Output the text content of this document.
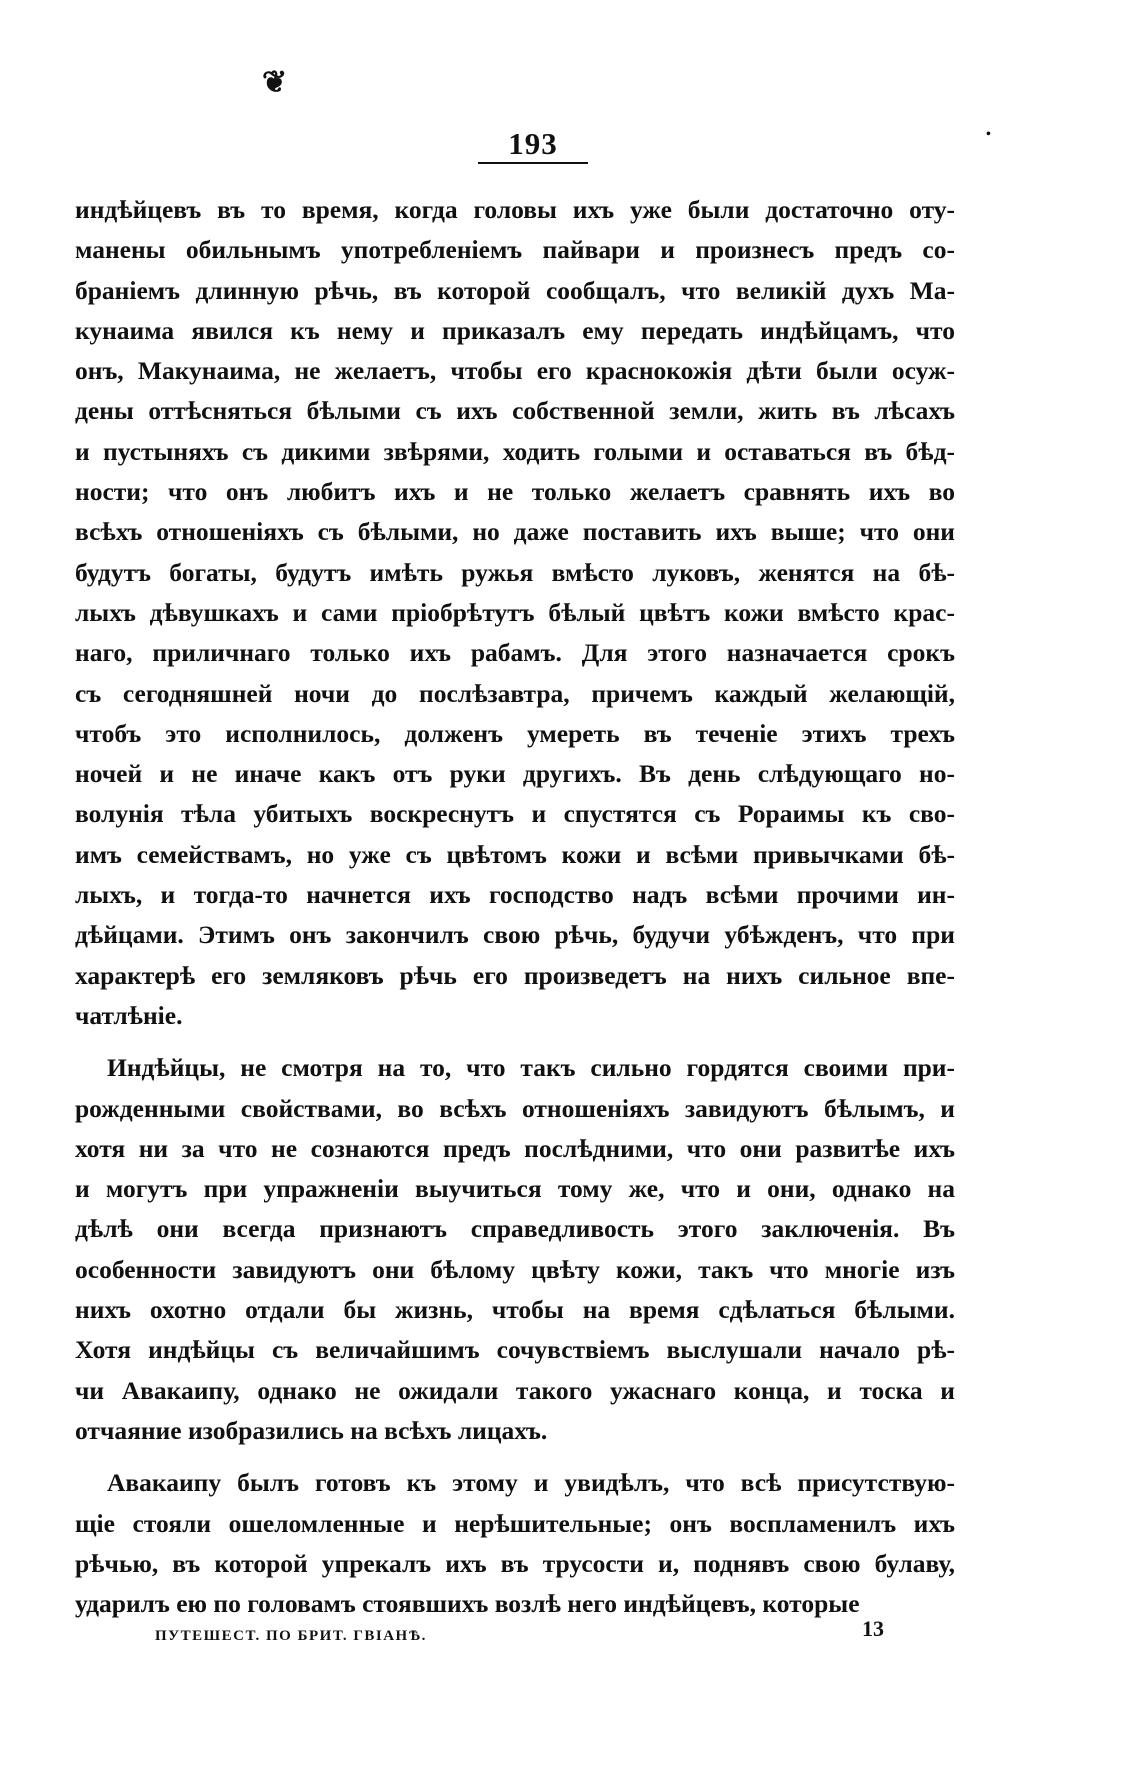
❦
•
193
индѣйцевъ въ то время, когда головы ихъ уже были достаточно оту-
манены обильнымъ употребленіемъ пайвари и произнесъ предъ со-
браніемъ длинную рѣчь, въ которой сообщалъ, что великій духъ Ма-
кунаима явился къ нему и приказалъ ему передать индѣйцамъ, что
онъ, Макунаима, не желаетъ, чтобы его краснокожія дѣти были осуж-
дены оттѣсняться бѣлыми съ ихъ собственной земли, жить въ лѣсахъ
и пустыняхъ съ дикими звѣрями, ходить голыми и оставаться въ бѣд-
ности; что онъ любитъ ихъ и не только желаетъ сравнять ихъ во
всѣхъ отношеніяхъ съ бѣлыми, но даже поставить ихъ выше; что они
будутъ богаты, будутъ имѣть ружья вмѣсто луковъ, женятся на бѣ-
лыхъ дѣвушкахъ и сами пріобрѣтутъ бѣлый цвѣтъ кожи вмѣсто крас-
наго, приличнаго только ихъ рабамъ. Для этого назначается срокъ
съ сегодняшней ночи до послѣзавтра, причемъ каждый желающій,
чтобъ это исполнилось, долженъ умереть въ теченіе этихъ трехъ
ночей и не иначе какъ отъ руки другихъ. Въ день слѣдующаго но-
волунія тѣла убитыхъ воскреснутъ и спустятся съ Рораимы къ сво-
имъ семействамъ, но уже съ цвѣтомъ кожи и всѣми привычками бѣ-
лыхъ, и тогда-то начнется ихъ господство надъ всѣми прочими ин-
дѣйцами. Этимъ онъ закончилъ свою рѣчь, будучи убѣжденъ, что при
характерѣ его земляковъ рѣчь его произведетъ на нихъ сильное впе-
чатлѣніе.
Индѣйцы, не смотря на то, что такъ сильно гордятся своими при-
рожденными свойствами, во всѣхъ отношеніяхъ завидуютъ бѣлымъ, и
хотя ни за что не сознаются предъ послѣдними, что они развитѣе ихъ
и могутъ при упражненіи выучиться тому же, что и они, однако на
дѣлѣ они всегда признаютъ справедливость этого заключенія. Въ
особенности завидуютъ они бѣлому цвѣту кожи, такъ что многіе изъ
нихъ охотно отдали бы жизнь, чтобы на время сдѣлаться бѣлыми.
Хотя индѣйцы съ величайшимъ сочувствіемъ выслушали начало рѣ-
чи Авакаипу, однако не ожидали такого ужаснаго конца, и тоска и
отчаяние изобразились на всѣхъ лицахъ.
Авакаипу былъ готовъ къ этому и увидѣлъ, что всѣ присутствую-
щіе стояли ошеломленные и нерѣшительные; онъ воспламенилъ ихъ
рѣчью, въ которой упрекалъ ихъ въ трусости и, поднявъ свою булаву,
ударилъ ею по головамъ стоявшихъ возлѣ него индѣйцевъ, которые
ПУТЕШЕСТ. ПО БРИТ. ГВІАНѢ.	13
